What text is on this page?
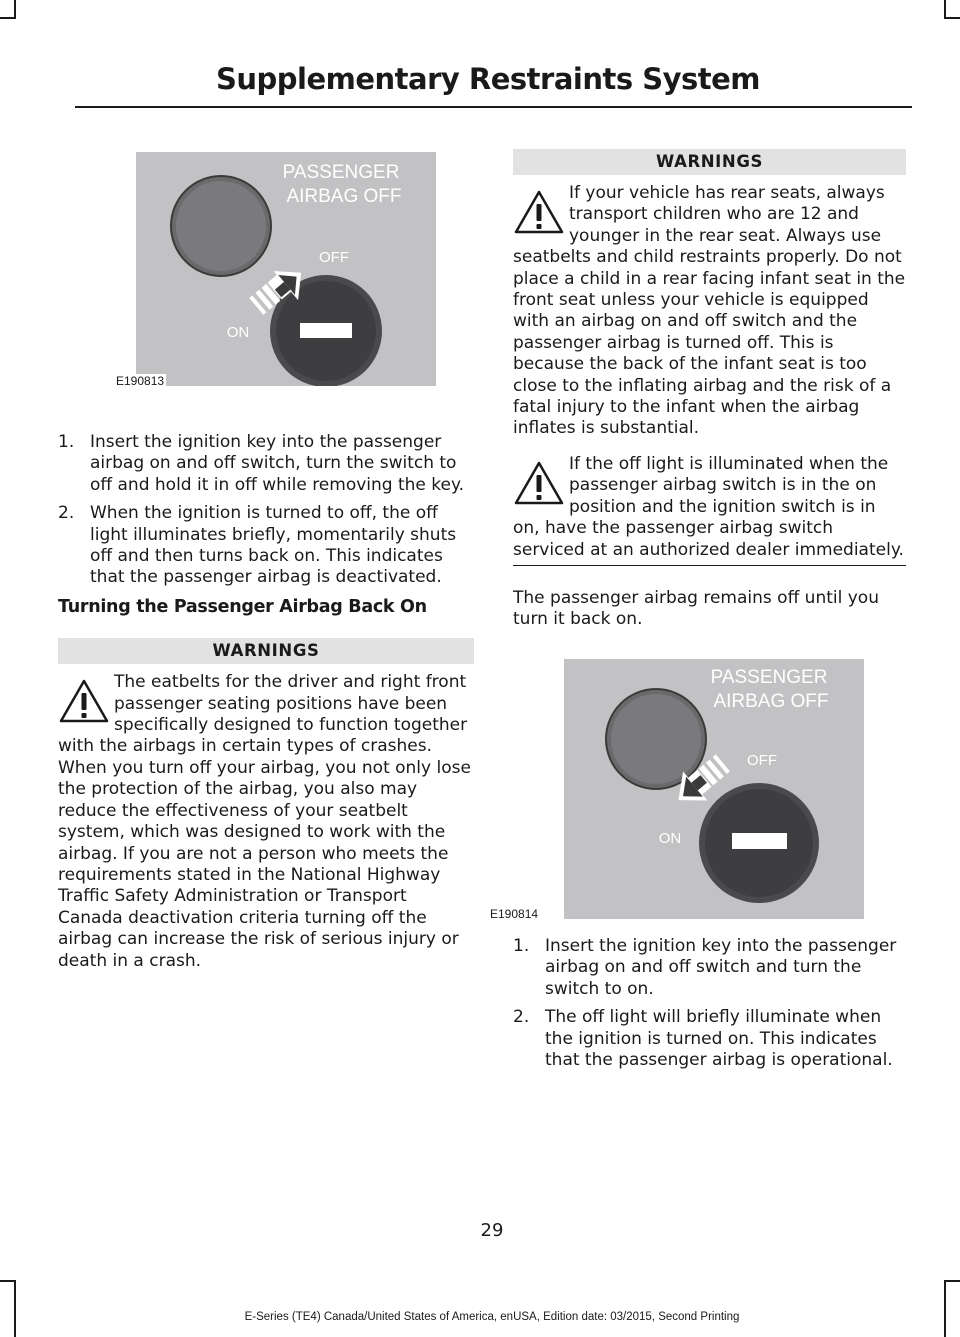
Supplementary Restraints System
PASSENGER
AIRBAG OFF
OFF
ON
E190813
1. Insert the ignition key into the passenger airbag on and off switch, turn the switch to off and hold it in off while removing the key.
2. When the ignition is turned to off, the off light illuminates briefly, momentarily shuts off and then turns back on. This indicates that the passenger airbag is deactivated.

Turning the Passenger Airbag Back On

WARNINGS

The eatbelts for the driver and right front passenger seating positions have been specifically designed to function together with the airbags in certain types of crashes. When you turn off your airbag, you not only lose the protection of the airbag, you also may reduce the effectiveness of your seatbelt system, which was designed to work with the airbag. If you are not a person who meets the requirements stated in the National Highway Traffic Safety Administration or Transport Canada deactivation criteria turning off the airbag can increase the risk of serious injury or death in a crash.

WARNINGS

If your vehicle has rear seats, always transport children who are 12 and younger in the rear seat. Always use seatbelts and child restraints properly. Do not place a child in a rear facing infant seat in the front seat unless your vehicle is equipped with an airbag on and off switch and the passenger airbag is turned off. This is because the back of the infant seat is too close to the inflating airbag and the risk of a fatal injury to the infant when the airbag inflates is substantial.

If the off light is illuminated when the passenger airbag switch is in the on position and the ignition switch is in on, have the passenger airbag switch serviced at an authorized dealer immediately.

The passenger airbag remains off until you turn it back on.

PASSENGER
AIRBAG OFF
OFF
ON
E190814
1. Insert the ignition key into the passenger airbag on and off switch and turn the switch to on.
2. The off light will briefly illuminate when the ignition is turned on. This indicates that the passenger airbag is operational.
29
E-Series (TE4) Canada/United States of America, enUSA, Edition date: 03/2015, Second Printing
